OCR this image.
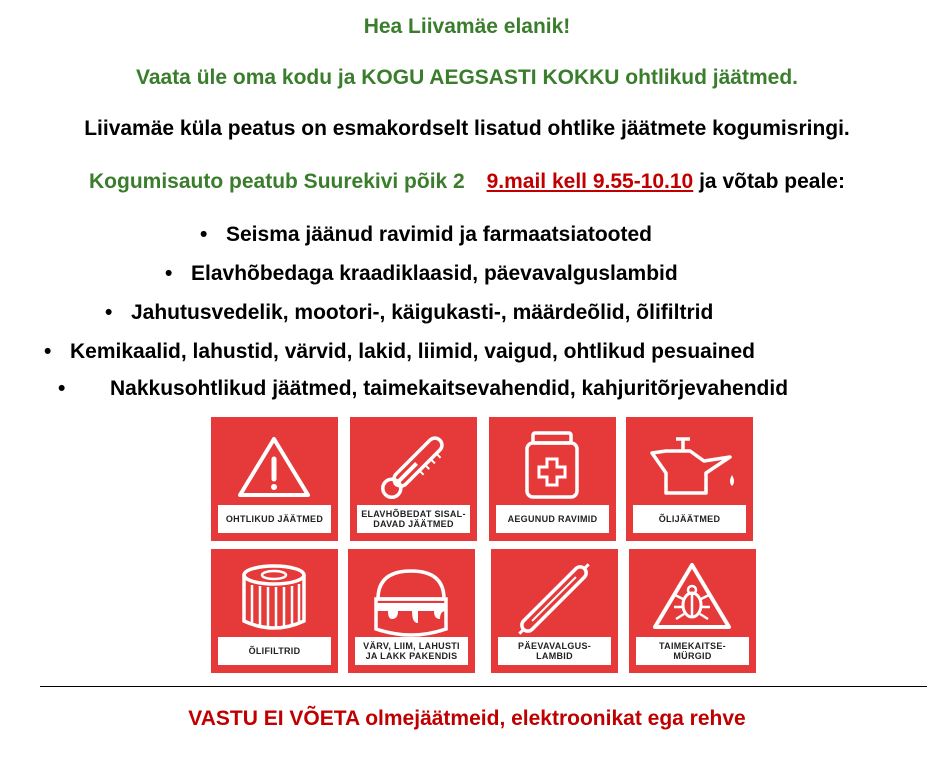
Hea Liivamäe elanik!
Vaata üle oma kodu ja KOGU AEGSASTI KOKKU ohtlikud jäätmed.
Liivamäe küla peatus on esmakordselt lisatud ohtlike jäätmete kogumisringi.
Kogumisauto peatub Suurekivi põik 2 9.mail kell 9.55-10.10 ja võtab peale:
• Seisma jäänud ravimid ja farmaatsiatooted
• Elavhõbedaga kraadiklaasid, päevavalguslambid
• Jahutusvedelik, mootori-, käigukasti-, määrdeõlid, õlifiltrid
• Kemikaalid, lahustid, värvid, lakid, liimid, vaigud, ohtlikud pesuained
• Nakkusohtlikud jäätmed, taimekaitsevahendid, kahjuritõrjevahendid
OHTLIKUD JÄÄTMED	ELAVHÕBEDAT SISAL-
DAVAD JÄÄTMED	AEGUNUD RAVIMID	ÕLIJÄÄTMED
ÕLIFILTRID	VÄRV, LIIM, LAHUSTI
JA LAKK PAKENDIS
PÄEVAVALGUS-
LAMBID
TAIMEKAITSE-
MÜRGID
VASTU EI VÕETA olmejäätmeid, elektroonikat ega rehve
